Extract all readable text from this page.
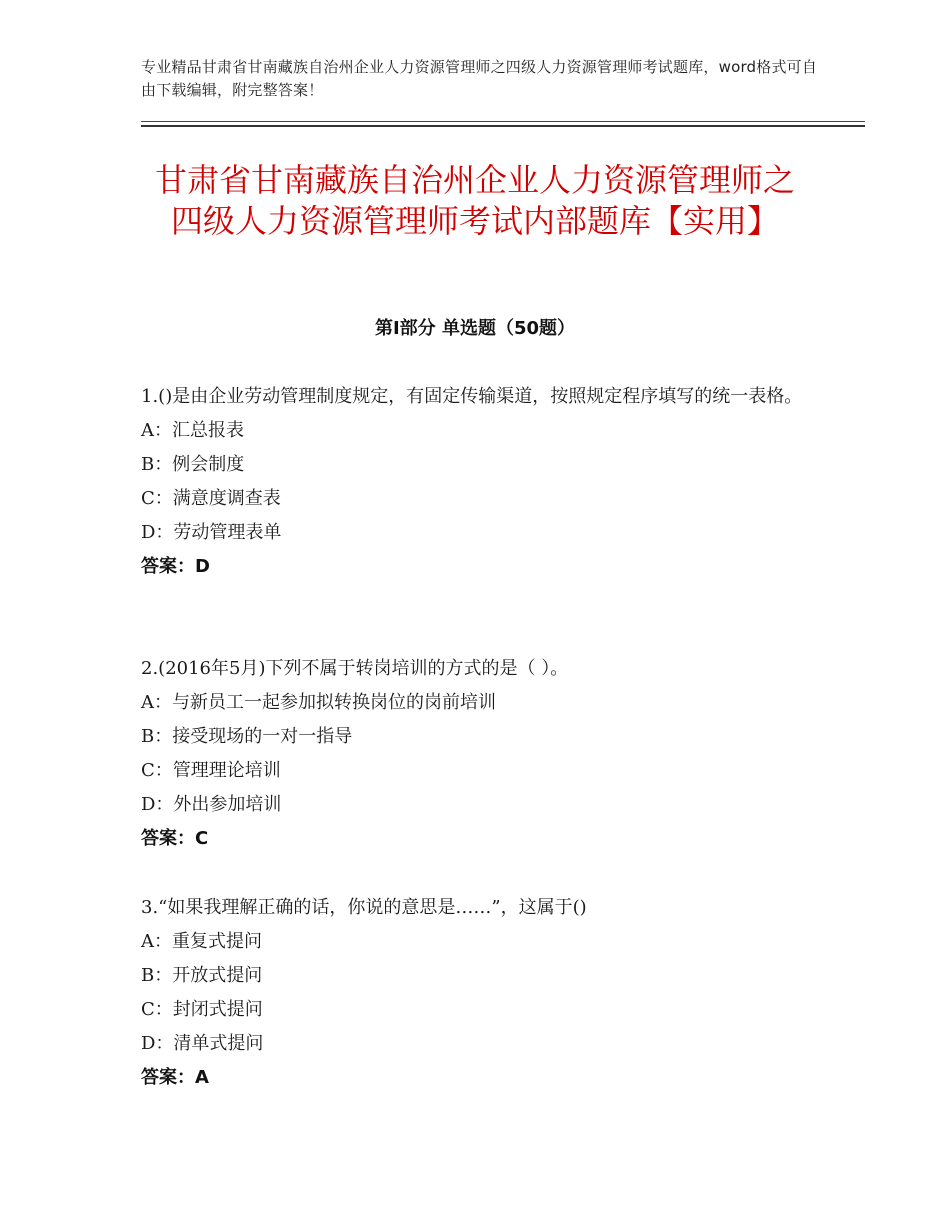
专业精品甘肃省甘南藏族自治州企业人力资源管理师之四级人力资源管理师考试题库，word格式可自由下载编辑，附完整答案！
甘肃省甘南藏族自治州企业人力资源管理师之四级人力资源管理师考试内部题库【实用】
第Ⅰ部分 单选题（50题）
1.()是由企业劳动管理制度规定，有固定传输渠道，按照规定程序填写的统一表格。
A：汇总报表
B：例会制度
C：满意度调查表
D：劳动管理表单
答案：D
2.(2016年5月)下列不属于转岗培训的方式的是（ ）。
A：与新员工一起参加拟转换岗位的岗前培训
B：接受现场的一对一指导
C：管理理论培训
D：外出参加培训
答案：C
3.“如果我理解正确的话，你说的意思是……”，这属于()
A：重复式提问
B：开放式提问
C：封闭式提问
D：清单式提问
答案：A
